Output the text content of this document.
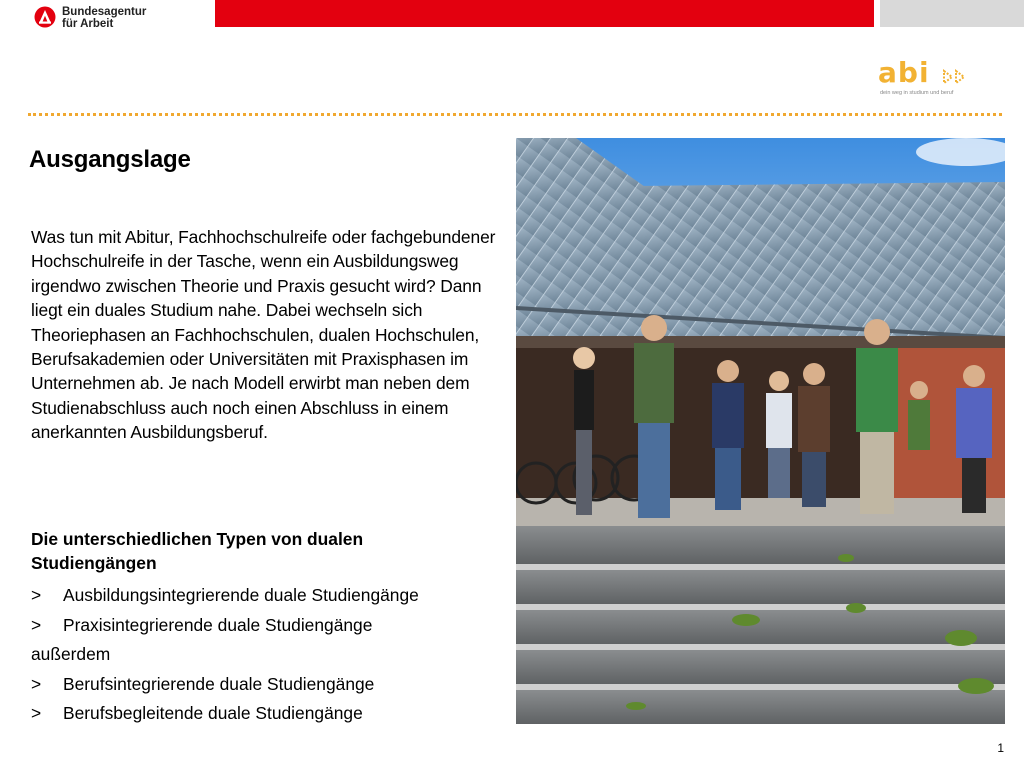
Bundesagentur
für Arbeit
abi
dein weg in studium und beruf
Ausgangslage

Was tun mit Abitur, Fachhochschulreife oder fachgebundener Hochschulreife in der Tasche, wenn ein Ausbildungsweg irgendwo zwischen Theorie und Praxis gesucht wird? Dann liegt ein duales Studium nahe. Dabei wechseln sich Theoriephasen an Fachhochschulen, dualen Hochschulen, Berufsakademien oder Universitäten mit Praxisphasen im Unternehmen ab. Je nach Modell erwirbt man neben dem Studienabschluss auch noch einen Abschluss in einem anerkannten Ausbildungsberuf.

Die unterschiedlichen Typen von dualen Studiengängen

> Ausbildungsintegrierende duale Studiengänge
> Praxisintegrierende duale Studiengänge
außerdem
> Berufsintegrierende duale Studiengänge
> Berufsbegleitende duale Studiengänge
1
